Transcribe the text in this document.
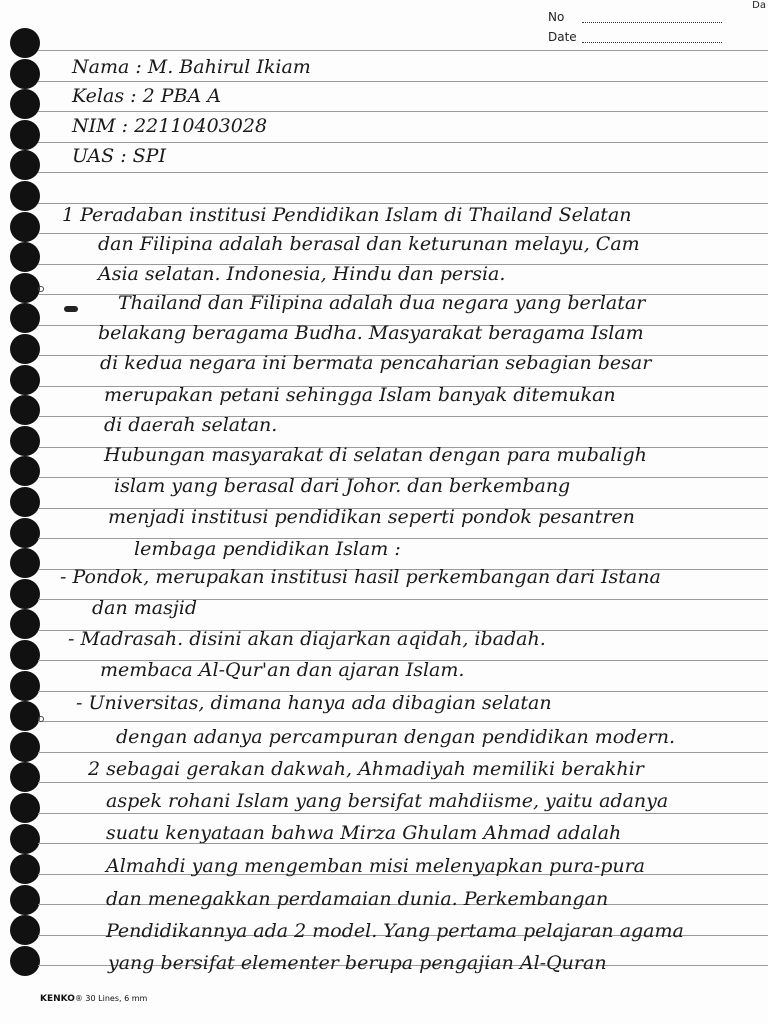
Da
No
Date
Nama : M. Bahirul Ikiam
Kelas : 2 PBA A
NIM : 22110403028
UAS : SPI
1 Peradaban institusi Pendidikan Islam di Thailand Selatan
dan Filipina adalah berasal dan keturunan melayu, Cam
Asia selatan. Indonesia, Hindu dan persia.
Thailand dan Filipina adalah dua negara yang berlatar
belakang beragama Budha. Masyarakat beragama Islam
di kedua negara ini bermata pencaharian sebagian besar
merupakan petani sehingga Islam banyak ditemukan
di daerah selatan.
Hubungan masyarakat di selatan dengan para mubaligh
islam yang berasal dari Johor. dan berkembang
menjadi institusi pendidikan seperti pondok pesantren
lembaga pendidikan Islam :
- Pondok, merupakan institusi hasil perkembangan dari Istana
dan masjid
- Madrasah. disini akan diajarkan aqidah, ibadah.
membaca Al-Qur'an dan ajaran Islam.
- Universitas, dimana hanya ada dibagian selatan
dengan adanya percampuran dengan pendidikan modern.
2 sebagai gerakan dakwah, Ahmadiyah memiliki berakhir
aspek rohani Islam yang bersifat mahdiisme, yaitu adanya
suatu kenyataan bahwa Mirza Ghulam Ahmad adalah
Almahdi yang mengemban misi melenyapkan pura-pura
dan menegakkan perdamaian dunia. Perkembangan
Pendidikannya ada 2 model. Yang pertama pelajaran agama
yang bersifat elementer berupa pengajian Al-Quran
KENKO® 30 Lines, 6 mm
